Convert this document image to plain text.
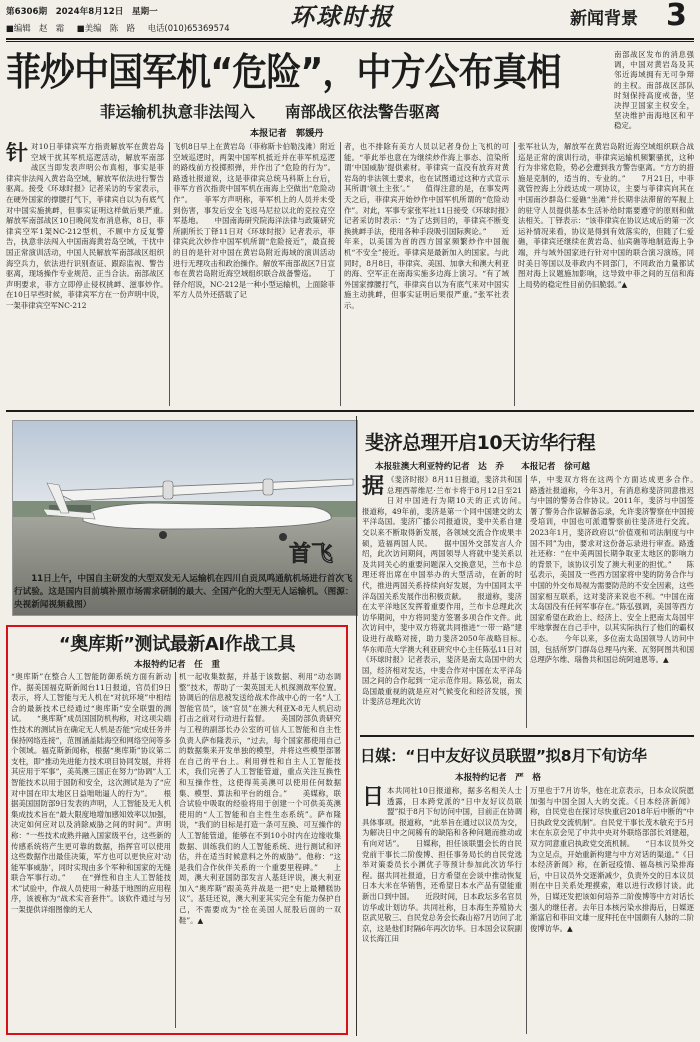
第6306期　2024年8月12日　星期一
■编辑　赵　霜 ■美编　陈　路 电话(010)65369574	环球时报	新闻背景 3
菲炒中国军机“危险”，中方公布真相
菲运输机执意非法闯入 南部战区依法警告驱离
本报记者　郭媛丹
南部战区发布的消息强调，中国对黄岩岛及其邻近海域拥有无可争辩的主权。南部战区部队时刻保持高度戒备，坚决捍卫国家主权安全，坚决维护南海地区和平稳定。
针对10日菲律宾军方指责解放军在黄岩岛空域干扰其军机巡逻活动，解放军南部战区当即发表声明公布真相，事实是菲律宾非法闯入黄岩岛空域，解放军依法进行警告驱离。接受《环球时报》记者采访的专家表示，在硬外国家的撑腰打气下，菲律宾自以为有底气对中国实施挑衅，但事实证明这样做后果严重。　　解放军南部战区10日晚间发布消息称，8日，菲律宾空军1架NC-212型机，不顾中方反复警告，执意非法闯入中国南海黄岩岛空域，干扰中国正常演训活动，中国人民解放军南部战区组织海空兵力，依法进行识别查证、跟踪监视、警告驱离，现场操作专业规范、正当合法。南部战区声明要求，菲方立即停止侵权挑衅、滋事炒作。　　在10日早些时候，菲律宾军方在一份声明中说，一架菲律宾空军NC-212
飞机8日早上在黄岩岛（菲称斯卡伯勒浅滩）附近空域巡逻时，两架中国军机抵近并在菲军机巡逻的路线前方投掷照弹，并作出了“危险的行为”。路透社报道说，这是菲律宾总统马科斯上台后，菲军方首次指责中国军机在南海上空做出“危险动作”。　　菲军方声明称，菲军机上的人员并未受到伤害，事发后安全飞返马尼拉以北的克拉克空军基地。　　中国南海研究院海洋法律与政策研究所副所长丁铎11日对《环球时报》记者表示，菲律宾此次炒作中国军机所谓“危险接近”，最直接的目的是针对中国在黄岩岛附近海域的演训活动进行无理攻击和政治操作。解放军南部战区7日宣布在黄岩岛附近海空域组织联合战备警巡。　　丁铎介绍说，NC-212是一种小型运输机，上面除菲军方人员外还搭载了记
者，也不排除有美方人员以记者身份上飞机的可能。“菲此举也意在为继续炒作海上事态、渲染所谓‘中国威胁’提供素材。菲律宾一直没有放弃对黄岩岛的非法领土要求，也在试图通过这种方式宣示其所谓‘领土主张’。”　　值得注意的是，在事发两天之后，菲律宾开始炒作中国军机所谓的“危险动作”。对此，军事专家张军社11日接受《环球时报》记者采访时表示：“为了达到目的，菲律宾不断变换挑衅手法，使用各种手段吸引国际舆论。”　　近年来，以美国为首的西方国家频繁炒作中国舰机“不安全”接近。菲律宾是最新加入的国家。与此同时，8月8日，菲律宾、美国、加拿大和澳大利亚的海、空军正在南海实施多边海上演习。“有了域外国家撑腰打气，菲律宾自以为有底气来对中国实施主动挑衅，但事实证明后果很严重。”张军社表示。
张军社认为，解放军在黄岩岛附近海空域组织联合战巡是正常的演训行动，菲律宾运输机频繁骚扰，这种行为非常危险，势必会遭到我方警告驱离。“方方的措施是克制的，适当的、专业的。”　　7月21日，中菲就管控海上分歧达成一项协议，主要与菲律宾向其在中国南沙群岛仁爱礁“坐滩”并长期非法滞留的军舰上的驻守人员提供基本生活补给时需要遵守的原则和做法相关。丁铎表示：“该菲律宾在协议达成后的第一次运补情况来看，协议是得到有效落实的，但随了仁爱礁，菲律宾还继续在黄岩岛、仙宾礁等地制造海上争端，并与域外国家进行针对中国的联合演习演练，同时美日等国以及菲政内不同部门，不同政治力量都试图对海上议题施加影响，这导致中菲之间的互信和海上局势的稳定性目前仍旧脆弱。”▲
首飞
11日上午，中国自主研发的大型双发无人运输机在四川自贡凤鸣通航机场进行首次飞行试验。这是国内目前填补照市场需求研制的最大、全国产化的大型无人运输机。（图源：央视新闻视频截图）
“奥库斯”测试最新AI作战工具
本报特约记者　任　重
“奥库斯”在整合人工智能防御系统方面有新动作。据美国福克斯新闻台11日报道，官员们9日表示，将人工智能与无人机在“对抗环境”中相结合的最新技术已经通过“奥库斯”安全联盟的测试。　　“奥库斯”成员国国防机构称，对这项尖端性技术的测试旨在确定无人机是否能“完成任务并保持网络连接”，范围涵盖陆海空和网络空间等多个领域。福克斯新闻称，根据“奥库斯”协议第二支柱，即“推动先进能力技术项目协同发展，并将其应用于军事”，美英澳三国正在努力“协调”人工智能技术以用于国防和安全，这次测试是为了“应对中国在印太地区日益咄咄逼人的行为”。　　根据美国国防部9日发表的声明，人工智能及无人机集成技术旨在“最大限度地增加感知效率以加强，决定如何应对以及消除威胁之间的时间”。声明称：“一些技术成熟并融入国家级平台，这些新的传感系统将产生更可靠的数据，指挥官可以使用这些数据作出最佳决策，军方也可以更快应对‘动能军事威胁’，同时实现由多个军种和国家的无缝联合军事行动。”　　在“弹性和自主人工智能技术”试验中，作战人员使用一种基于地图的应用程序，该被称为“战术实音套件”。该软件通过与另一架提供详细图像的无人
机一起收集数据，并基于该数据、利用“动态调整”技术，帮助了一架英国无人机探测敌军位置。协调后的信息被发送给战术作战中心的一名“人工智能官员”，该“官员”在澳大利亚X-8无人机启动打击之前对行动进行监督。　　美国防部负责研究与工程的副部长办公室的可信人工智能和自主性负责人萨布隆表示，“过去，每个国家都使用自己的数据集来开发单独的模型，并将这些模型部署在自己的平台上。利用弹性和自主人工智能技术，我们完善了人工智能管道，重点关注互换性和互操作性，这使得英美澳可以使用任何数据集、模型、算法和平台的组合。”　　美媒称，联合试验中吸取的经验将用于创建一个可供美英澳使用的“人工智能和自主性生态系统”。萨布隆说，“我们的目标是打造一条可互换、可互操作的人工智能管道，能够在不到10小时内在边缘收集数据、训练我们的人工智能系统、进行测试和评估，并在适当时候意料之外的威胁”。他称：“这是我们合作伙伴关系的一个重要里程碑。”　　上周，澳大利亚国防部发言人基廷评说，澳大利亚加入“奥库斯”跟美英并战是一把“史上最糟糕协议”。基廷还说，澳大利亚其实完全有能力保护自己，不需要成为“拴在美国人屁股后面的一双鞋”。▲
斐济总理开启10天访华行程
本报驻澳大利亚特约记者　达　乔　　本报记者　徐可越
据 《斐济时报》8月11日报道，斐济共和国总理西蒂维尼·兰布卡将于8月12日至21日对中国进行为期10天的正式访问。　　报道称，49年前，斐济是第一个同中国建交的太平洋岛国。斐济广播公司报道说，斐中关系自建交以来不断取得新发展，各领域交流合作成果丰硕，造福两国人民。　　据中国外交部发言人介绍，此次访问期间，两国领导人将就中斐关系以及共同关心的重要问题深入交换意见，兰布卡总理还将出席在中国举办的大型活动，在新的时代，推进两国关系持续向好发展，为中国同太平洋岛国关系发展作出积极贡献。　　报道称，斐济在太平洋地区发挥着重要作用，兰布卡总理此次访华期间，中方将同斐方签署多项合作文件。此次访问中，斐中双方将就共同推进“一带一路”建设进行战略对接，助力斐济2050年战略目标。　　华东师范大学澳大利亚研究中心主任陈弘11日对《环球时报》记者表示，斐济是南太岛国中的大国，经济相对发达，中斐合作对中国在太平洋岛国之间的合作起到一定示范作用。陈弘说，南太岛国最重视的就是应对气候变化和经济发展，预计斐济总理此次访
华，中斐双方将在这两个方面达成更多合作。　　路透社报道称，今年3月，有消息称斐济同意推迟与中国的警务合作协议。2011年，斐济与中国签署了警务合作谅解备忘录，允许斐济警察在中国接受培训，中国也可派遣警察前往斐济进行交流。2023年1月，斐济政府以“价值观和司法制度与中国不同”为由，要求对这份备忘录进行审查。路透社还称：“在中美两国长期争取亚太地区的影响力的背景下，该协议引发了澳大利亚的担忧。”　　陈弘表示，美国及一些西方国家将中斐的防务合作与中国的外交布局视为需要防范的不安全因素，这些国家相互联系，这对斐济来说也不利。“中国在南太岛国没有任何军事存在。”陈弘强调，美国等西方国家希望在政治上、经济上、安全上把南太岛国牢牢地掌握在自己手中，以其实际执行了他们的霸权心态。　　今年以来，多位南太岛国领导人访问中国，包括所罗门群岛总理马内莱、瓦努阿图共和国总理萨尔维、瑙鲁共和国总统阿迪恩等。▲
日媒：“日中友好议员联盟”拟8月下旬访华
本报特约记者　严　格
日本共同社10日报道称，据多名相关人士透露，日本跨党派的“日中友好议员联盟”拟于8月下旬访问中国，目前正在协调具体事项。报道称，“此举旨在通过以议员为交，为解决日中之间稀有的缺陷和各种问题而推动或有向对话”。　　日媒称，担任该联盟会长的自民党前干事长二阶俊博、担任事务局长的自民党选举对策委员长小渊优子等预计参加此次访华行程。据共同社报道，日方希望在会谈中推动恢复日本大米在华销售，还希望日本水产品有望能重新出口到中国。　　近段时间，日本政坛多名官员访华或计划访华。共同社称，日本海生养殖协大臣武见敬三、自民党总务会长森山裕7月访问了北京，这是他们时隔6年再次访华。日本国会议院副议长海江田
万里也于7月访华，他在北京表示，日本众议院愿加强与中国全国人大的交流。《日本经济新闻》称，自民党也在探讨尽快重启2018年后中断的“中日执政党交流机制”。自民党干事长茂木敏充于5月末在东京会见了中共中央对外联络部部长刘建超，双方同意重启执政党交流机制。　　“日本议员外交为立足点，开始重新构建与中方对话的渠道。”《日本经济新闻》称，在新冠疫情、福岛核污染排海后，中日议员外交逐渐减少，负责外交的日本议员则在中日关系处理摸索，难以进行改修讨谈。此外，日媒还发把该如何培养二阶俊博等中方对话长强人的继任者。去年日本核污染水排海后，日媒逐渐富启和菲田文雄一度拜托在中国颇有人脉的二阶俊博访华。▲
